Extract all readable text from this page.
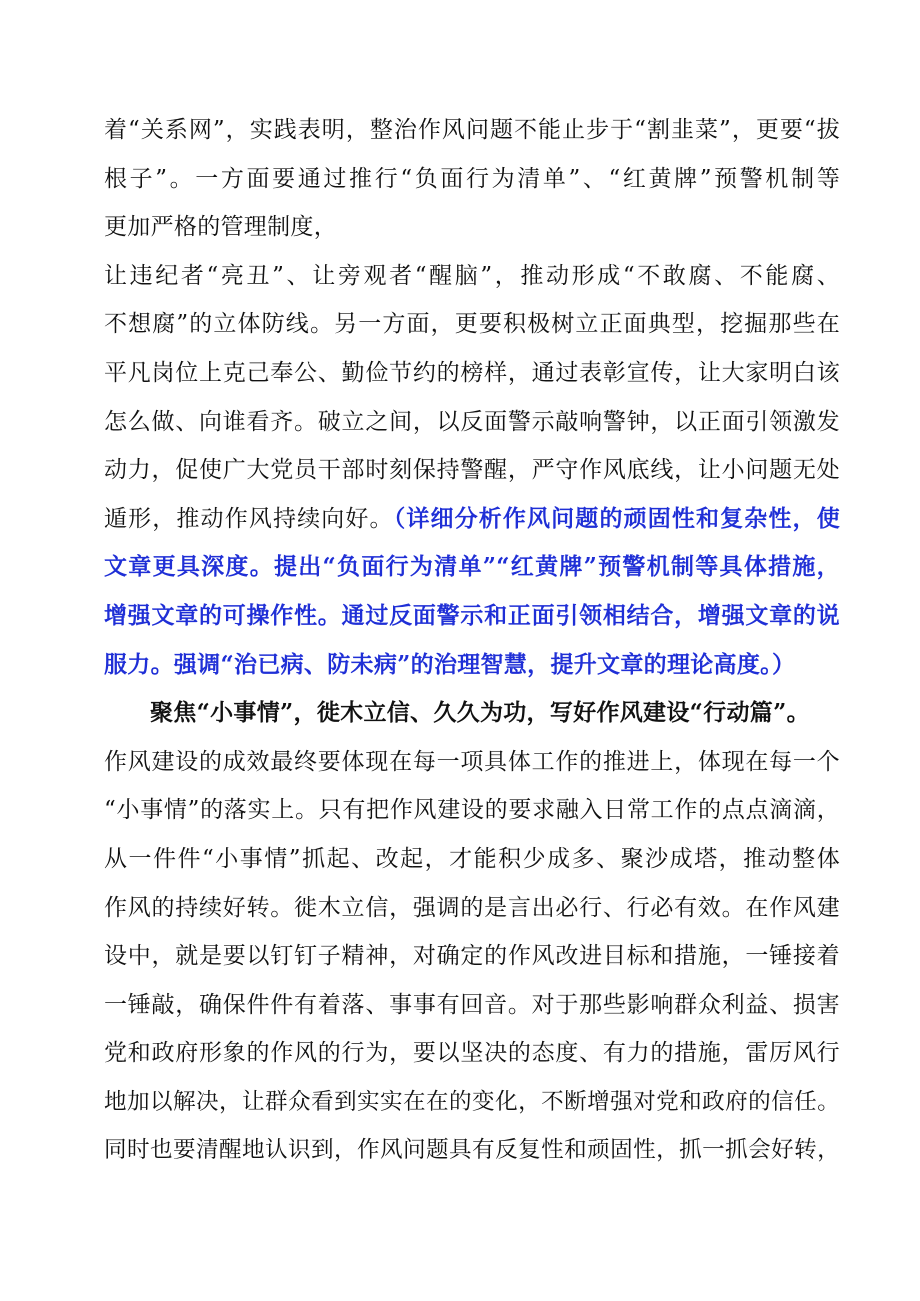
着“关系网”，实践表明，整治作风问题不能止步于“割韭菜”，更要“拔
根子”。一方面要通过推行“负面行为清单”、“红黄牌”预警机制等
更加严格的管理制度，
让违纪者“亮丑”、让旁观者“醒脑”，推动形成“不敢腐、不能腐、
不想腐”的立体防线。另一方面，更要积极树立正面典型，挖掘那些在
平凡岗位上克己奉公、勤俭节约的榜样，通过表彰宣传，让大家明白该
怎么做、向谁看齐。破立之间，以反面警示敲响警钟，以正面引领激发
动力，促使广大党员干部时刻保持警醒，严守作风底线，让小问题无处
遁形，推动作风持续向好。（详细分析作风问题的顽固性和复杂性，使
文章更具深度。提出“负面行为清单”“红黄牌”预警机制等具体措施，
增强文章的可操作性。通过反面警示和正面引领相结合，增强文章的说
服力。强调“治已病、防未病”的治理智慧，提升文章的理论高度。）
聚焦“小事情”，徙木立信、久久为功，写好作风建设“行动篇”。
作风建设的成效最终要体现在每一项具体工作的推进上，体现在每一个
“小事情”的落实上。只有把作风建设的要求融入日常工作的点点滴滴，
从一件件“小事情”抓起、改起，才能积少成多、聚沙成塔，推动整体
作风的持续好转。徙木立信，强调的是言出必行、行必有效。在作风建
设中，就是要以钉钉子精神，对确定的作风改进目标和措施，一锤接着
一锤敲，确保件件有着落、事事有回音。对于那些影响群众利益、损害
党和政府形象的作风的行为，要以坚决的态度、有力的措施，雷厉风行
地加以解决，让群众看到实实在在的变化，不断增强对党和政府的信任。
同时也要清醒地认识到，作风问题具有反复性和顽固性，抓一抓会好转，
